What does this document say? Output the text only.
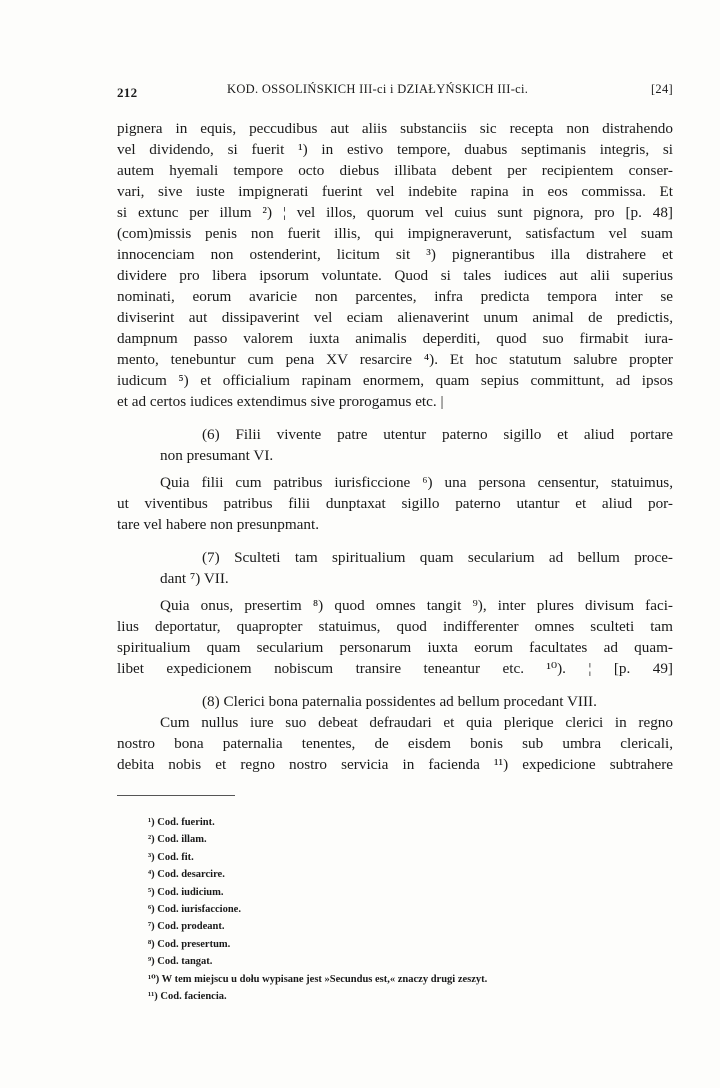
212	KOD. OSSOLIŃSKICH III-ci i DZIAŁYŃSKICH III-ci.	[24]
pignera in equis, peccudibus aut aliis substanciis sic recepta non distrahendo
vel dividendo, si fuerit ¹) in estivo tempore, duabus septimanis integris, si
autem hyemali tempore octo diebus illibata debent per recipientem conser-
vari, sive iuste impignerati fuerint vel indebite rapina in eos commissa. Et
si extunc per illum ²) ¦ vel illos, quorum vel cuius sunt pignora, pro [p. 48]
(com)missis penis non fuerit illis, qui impigneraverunt, satisfactum vel suam
innocenciam non ostenderint, licitum sit ³) pignerantibus illa distrahere et
dividere pro libera ipsorum voluntate. Quod si tales iudices aut alii superius
nominati, eorum avaricie non parcentes, infra predicta tempora inter se
diviserint aut dissipaverint vel eciam alienaverint unum animal de predictis,
dampnum passo valorem iuxta animalis deperditi, quod suo firmabit iura-
mento, tenebuntur cum pena XV resarcire ⁴). Et hoc statutum salubre propter
iudicum ⁵) et officialium rapinam enormem, quam sepius committunt, ad ipsos
et ad certos iudices extendimus sive prorogamus etc. |
(6) Filii vivente patre utentur paterno sigillo et aliud portare
non presumant VI.
Quia filii cum patribus iurisficcione ⁶) una persona censentur, statuimus,
ut viventibus patribus filii dunptaxat sigillo paterno utantur et aliud por-
tare vel habere non presunpmant.
(7) Sculteti tam spiritualium quam secularium ad bellum proce-
dant ⁷) VII.
Quia onus, presertim ⁸) quod omnes tangit ⁹), inter plures divisum faci-
lius deportatur, quapropter statuimus, quod indifferenter omnes sculteti tam
spiritualium quam secularium personarum iuxta eorum facultates ad quam-
libet expedicionem nobiscum transire teneantur etc. ¹⁰). ¦ [p. 49]
(8) Clerici bona paternalia possidentes ad bellum procedant VIII.
Cum nullus iure suo debeat defraudari et quia plerique clerici in regno
nostro bona paternalia tenentes, de eisdem bonis sub umbra clericali,
debita nobis et regno nostro servicia in facienda ¹¹) expedicione subtrahere
¹) Cod. fuerint.
²) Cod. illam.
³) Cod. fit.
⁴) Cod. desarcire.
⁵) Cod. iudicium.
⁶) Cod. iurisfaccione.
⁷) Cod. prodeant.
⁸) Cod. presertum.
⁹) Cod. tangat.
¹⁰) W tem miejscu u dołu wypisane jest »Secundus est,« znaczy drugi zeszyt.
¹¹) Cod. faciencia.
